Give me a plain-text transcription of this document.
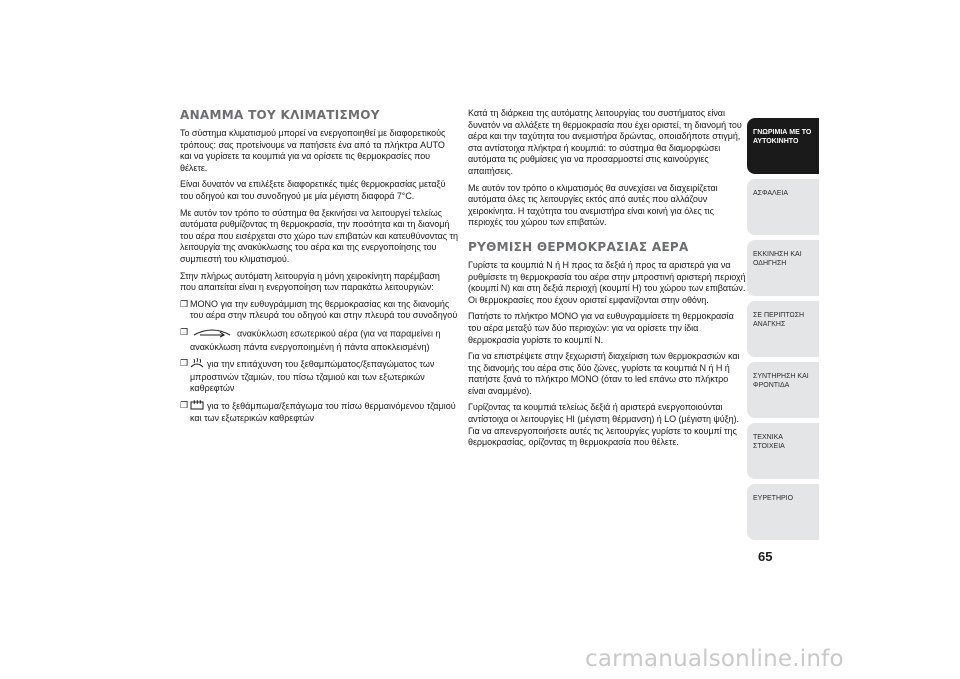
ΑΝΑΜΜΑ ΤΟΥ ΚΛΙΜΑΤΙΣΜΟΥ

Το σύστημα κλιματισμού μπορεί να ενεργοποιηθεί με διαφορετικούς τρόπους: σας προτείνουμε να πατήσετε ένα από τα πλήκτρα AUTO και να γυρίσετε τα κουμπιά για να ορίσετε τις θερμοκρασίες που θέλετε.

Είναι δυνατόν να επιλέξετε διαφορετικές τιμές θερμοκρασίας μεταξύ του οδηγού και του συνοδηγού με μία μέγιστη διαφορά 7°C.

Με αυτόν τον τρόπο το σύστημα θα ξεκινήσει να λειτουργεί τελείως αυτόματα ρυθμίζοντας τη θερμοκρασία, την ποσότητα και τη διανομή του αέρα που εισέρχεται στο χώρο των επιβατών και κατευθύνοντας τη λειτουργία της ανακύκλωσης του αέρα και της ενεργοποίησης του συμπιεστή του κλιματισμού.

Στην πλήρως αυτόματη λειτουργία η μόνη χειροκίνητη παρέμβαση που απαιτείται είναι η ενεργοποίηση των παρακάτω λειτουργιών:

❐ MONO για την ευθυγράμμιση της θερμοκρασίας και της διανομής του αέρα στην πλευρά του οδηγού και στην πλευρά του συνοδηγού
❐	ανακύκλωση εσωτερικού αέρα (για να παραμείνει η ανακύκλωση πάντα ενεργοποιημένη ή πάντα αποκλεισμένη)
❐	για την επιτάχυνση του ξεθαμπώματος/ξεπαγώματος των μπροστινών τζαμιών, του πίσω τζαμιού και των εξωτερικών καθρεφτών
❐	για το ξεθάμπωμα/ξεπάγωμα του πίσω θερμαινόμενου τζαμιού και των εξωτερικών καθρεφτών

Κατά τη διάρκεια της αυτόματης λειτουργίας του συστήματος είναι δυνατόν να αλλάξετε τη θερμοκρασία που έχει οριστεί, τη διανομή του αέρα και την ταχύτητα του ανεμιστήρα δρώντας, οποιαδήποτε στιγμή, στα αντίστοιχα πλήκτρα ή κουμπιά: το σύστημα θα διαμορφώσει αυτόματα τις ρυθμίσεις για να προσαρμοστεί στις καινούργιες απαιτήσεις.

Με αυτόν τον τρόπο ο κλιματισμός θα συνεχίσει να διαχειρίζεται αυτόματα όλες τις λειτουργίες εκτός από αυτές που αλλάζουν χειροκίνητα. Η ταχύτητα του ανεμιστήρα είναι κοινή για όλες τις περιοχές του χώρου των επιβατών.

ΡΥΘΜΙΣΗ ΘΕΡΜΟΚΡΑΣΙΑΣ ΑΕΡΑ

Γυρίστε τα κουμπιά N ή H προς τα δεξιά ή προς τα αριστερά για να ρυθμίσετε τη θερμοκρασία του αέρα στην μπροστινή αριστερή περιοχή (κουμπί N) και στη δεξιά περιοχή (κουμπί H) του χώρου των επιβατών. Οι θερμοκρασίες που έχουν οριστεί εμφανίζονται στην οθόνη.

Πατήστε το πλήκτρο MONO για να ευθυγραμμίσετε τη θερμοκρασία του αέρα μεταξύ των δύο περιοχών: για να ορίσετε την ίδια θερμοκρασία γυρίστε το κουμπί N.

Για να επιστρέψετε στην ξεχωριστή διαχείριση των θερμοκρασιών και της διανομής του αέρα στις δύο ζώνες, γυρίστε τα κουμπιά N ή H ή πατήστε ξανά το πλήκτρο MONO (όταν το led επάνω στο πλήκτρο είναι αναμμένο).

Γυρίζοντας τα κουμπιά τελείως δεξιά ή αριστερά ενεργοποιούνται αντίστοιχα οι λειτουργίες HI (μέγιστη θέρμανση) ή LO (μέγιστη ψύξη). Για να απενεργοποιήσετε αυτές τις λειτουργίες γυρίστε το κουμπί της θερμοκρασίας, ορίζοντας τη θερμοκρασία που θέλετε.

ΓΝΩΡΙΜΙΑ ΜΕ ΤΟ ΑΥΤΟΚΙΝΗΤΟ
ΑΣΦΑΛΕΙΑ
ΕΚΚΙΝΗΣΗ ΚΑΙ ΟΔΗΓΗΣΗ
ΣΕ ΠΕΡΙΠΤΩΣΗ ΑΝΑΓΚΗΣ
ΣΥΝΤΗΡΗΣΗ ΚΑΙ ΦΡΟΝΤΙΔΑ
ΤΕΧΝΙΚΑ ΣΤΟΙΧΕΙΑ
ΕΥΡΕΤΗΡΙΟ
65
carmanualsonline.info
